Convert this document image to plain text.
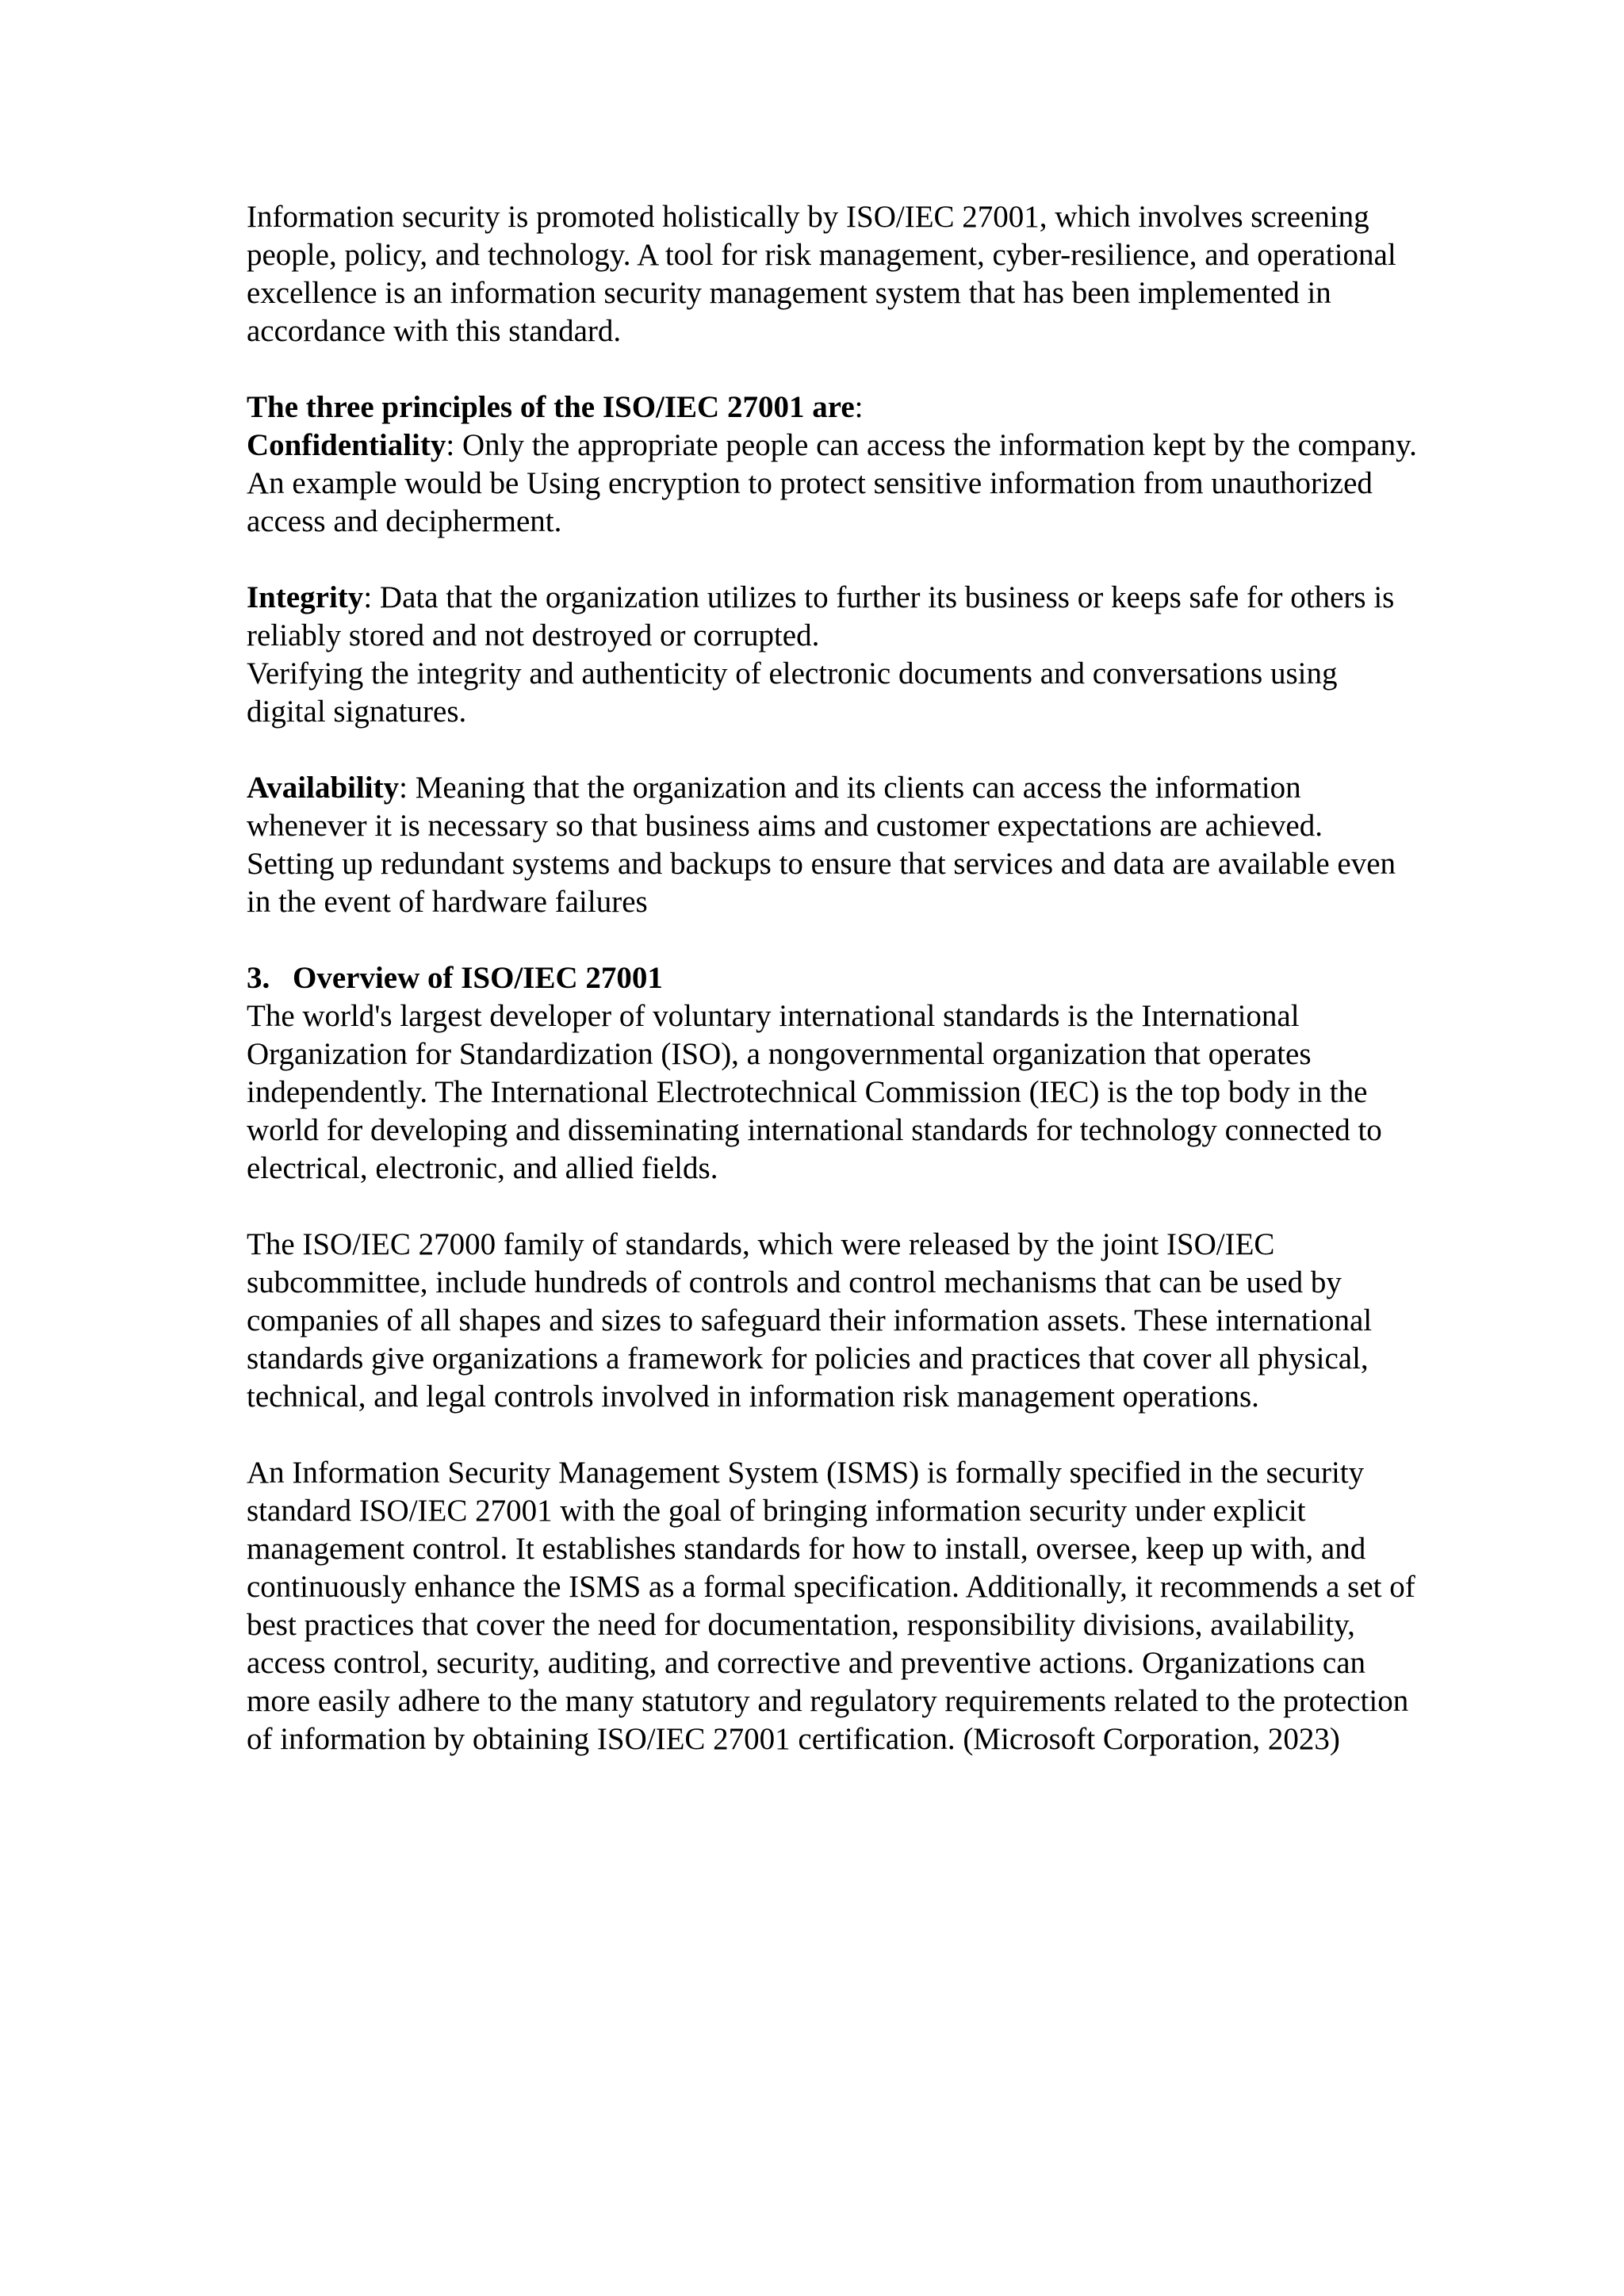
Information security is promoted holistically by ISO/IEC 27001, which involves screening people, policy, and technology. A tool for risk management, cyber-resilience, and operational excellence is an information security management system that has been implemented in accordance with this standard.

The three principles of the ISO/IEC 27001 are:

Confidentiality: Only the appropriate people can access the information kept by the company. An example would be Using encryption to protect sensitive information from unauthorized access and decipherment.

Integrity: Data that the organization utilizes to further its business or keeps safe for others is reliably stored and not destroyed or corrupted.

Verifying the integrity and authenticity of electronic documents and conversations using digital signatures.

Availability: Meaning that the organization and its clients can access the information whenever it is necessary so that business aims and customer expectations are achieved.

Setting up redundant systems and backups to ensure that services and data are available even in the event of hardware failures

3. Overview of ISO/IEC 27001

The world's largest developer of voluntary international standards is the International Organization for Standardization (ISO), a nongovernmental organization that operates independently. The International Electrotechnical Commission (IEC) is the top body in the world for developing and disseminating international standards for technology connected to electrical, electronic, and allied fields.

The ISO/IEC 27000 family of standards, which were released by the joint ISO/IEC subcommittee, include hundreds of controls and control mechanisms that can be used by companies of all shapes and sizes to safeguard their information assets. These international standards give organizations a framework for policies and practices that cover all physical, technical, and legal controls involved in information risk management operations.

An Information Security Management System (ISMS) is formally specified in the security standard ISO/IEC 27001 with the goal of bringing information security under explicit management control. It establishes standards for how to install, oversee, keep up with, and continuously enhance the ISMS as a formal specification. Additionally, it recommends a set of best practices that cover the need for documentation, responsibility divisions, availability, access control, security, auditing, and corrective and preventive actions. Organizations can more easily adhere to the many statutory and regulatory requirements related to the protection of information by obtaining ISO/IEC 27001 certification. (Microsoft Corporation, 2023)
